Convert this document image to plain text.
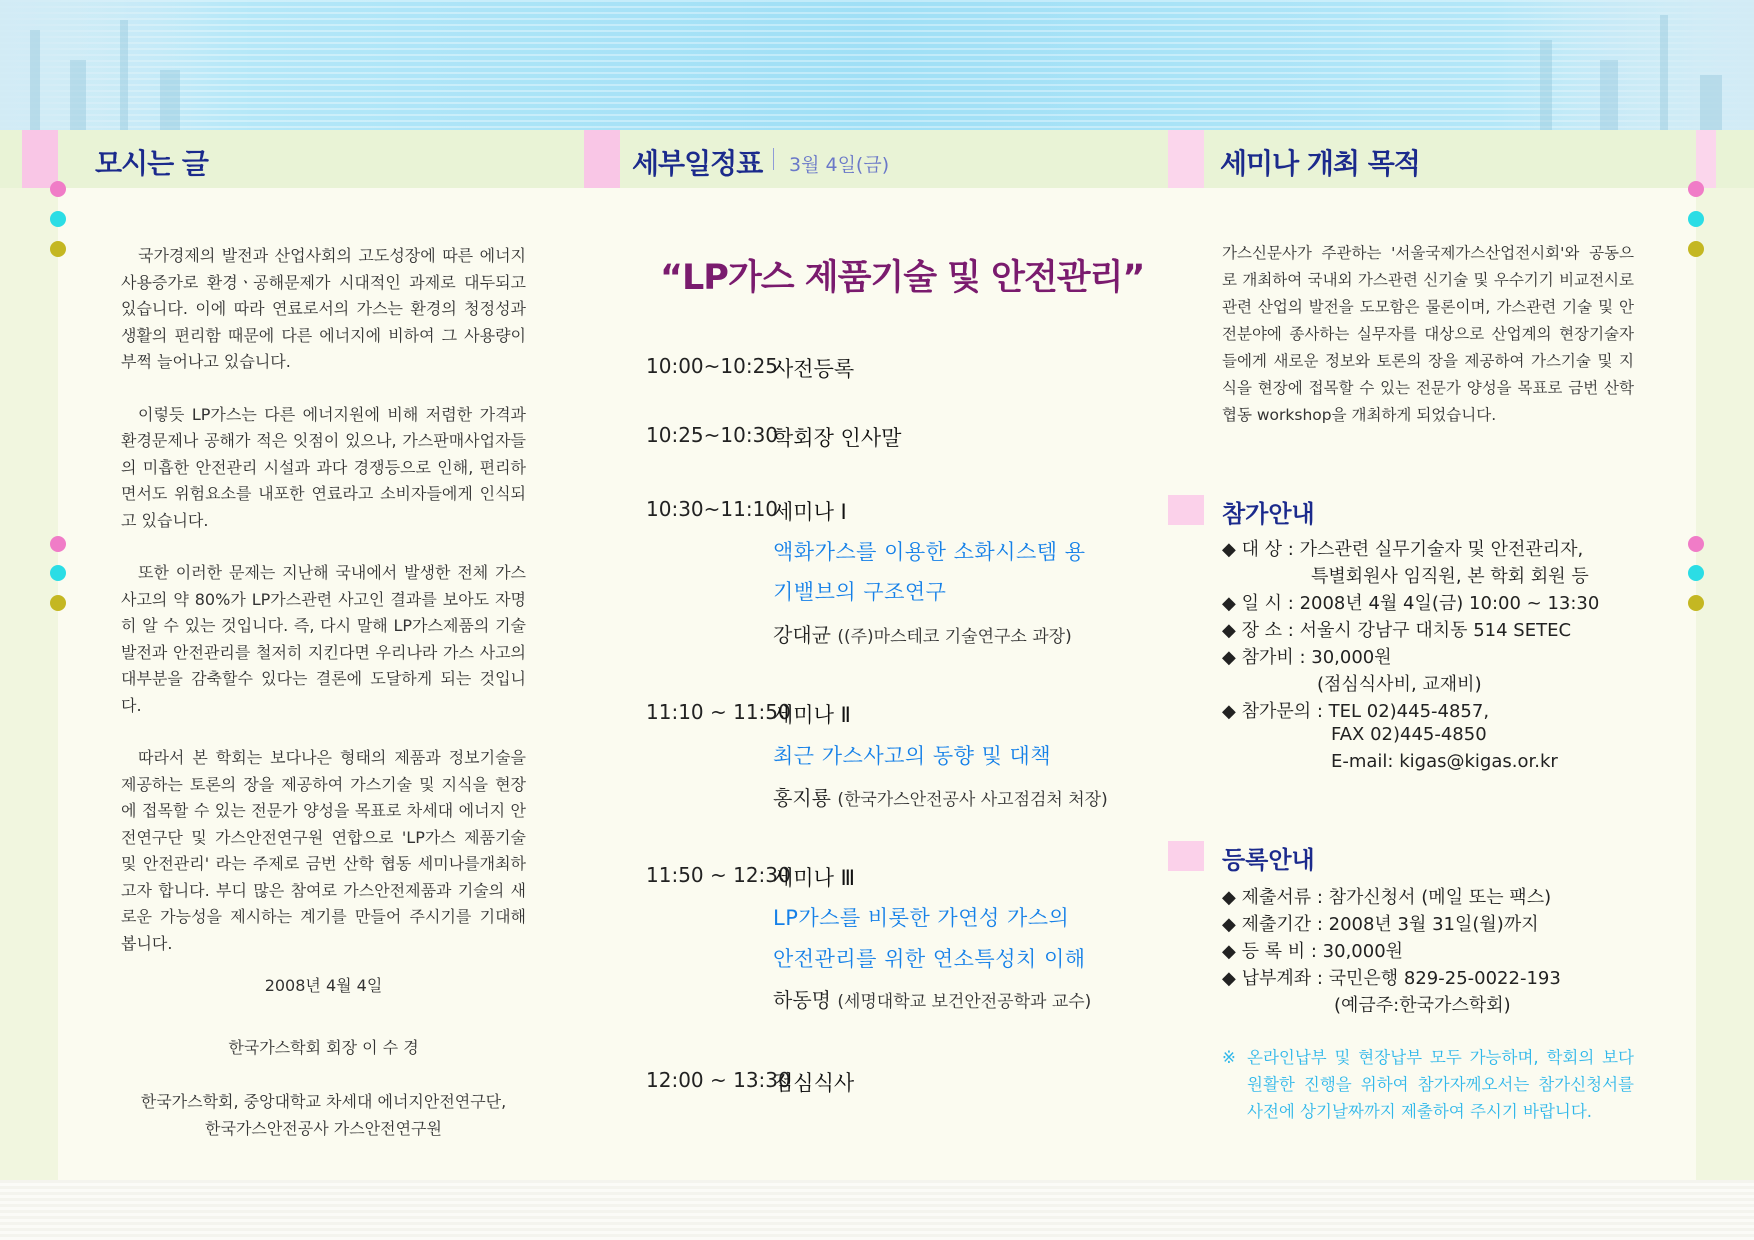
모시는 글	세부일정표 3월 4일(금)	세미나 개최 목적

국가경제의 발전과 산업사회의 고도성장에 따른 에너지 사용증가로 환경ㆍ공해문제가 시대적인 과제로 대두되고 있습니다. 이에 따라 연료로서의 가스는 환경의 청정성과 생활의 편리함 때문에 다른 에너지에 비하여 그 사용량이 부쩍 늘어나고 있습니다.

이렇듯 LP가스는 다른 에너지원에 비해 저렴한 가격과 환경문제나 공해가 적은 잇점이 있으나, 가스판매사업자들의 미흡한 안전관리 시설과 과다 경쟁등으로 인해, 편리하면서도 위험요소를 내포한 연료라고 소비자들에게 인식되고 있습니다.

또한 이러한 문제는 지난해 국내에서 발생한 전체 가스사고의 약 80%가 LP가스관련 사고인 결과를 보아도 자명히 알 수 있는 것입니다. 즉, 다시 말해 LP가스제품의 기술발전과 안전관리를 철저히 지킨다면 우리나라 가스 사고의 대부분을 감축할수 있다는 결론에 도달하게 되는 것입니다.

따라서 본 학회는 보다나은 형태의 제품과 정보기술을 제공하는 토론의 장을 제공하여 가스기술 및 지식을 현장에 접목할 수 있는 전문가 양성을 목표로 차세대 에너지 안전연구단 및 가스안전연구원 연합으로 'LP가스 제품기술 및 안전관리' 라는 주제로 금번 산학 협동 세미나를개최하고자 합니다. 부디 많은 참여로 가스안전제품과 기술의 새로운 가능성을 제시하는 계기를 만들어 주시기를 기대해 봅니다.

2008년 4월 4일
한국가스학회 회장 이 수 경
한국가스학회, 중앙대학교 차세대 에너지안전연구단,
한국가스안전공사 가스안전연구원
“LP가스 제품기술 및 안전관리”
10:00~10:25
사전등록
10:25~10:30
학회장 인사말
10:30~11:10
세미나 Ⅰ
액화가스를 이용한 소화시스템 용
기밸브의 구조연구
강대균 ((주)마스테코 기술연구소 과장)
11:10 ~ 11:50
세미나 Ⅱ
최근 가스사고의 동향 및 대책
홍지룡 (한국가스안전공사 사고점검처 처장)
11:50 ~ 12:30
세미나 Ⅲ
LP가스를 비롯한 가연성 가스의
안전관리를 위한 연소특성치 이해
하동명 (세명대학교 보건안전공학과 교수)
12:00 ~ 13:30
점심식사
가스신문사가 주관하는 '서울국제가스산업전시회'와 공동으로 개최하여 국내외 가스관련 신기술 및 우수기기 비교전시로 관련 산업의 발전을 도모함은 물론이며, 가스관련 기술 및 안전분야에 종사하는 실무자를 대상으로 산업계의 현장기술자들에게 새로운 정보와 토론의 장을 제공하여 가스기술 및 지식을 현장에 접목할 수 있는 전문가 양성을 목표로 금번 산학협동 workshop을 개최하게 되었습니다.
참가안내
◆ 대 상 : 가스관련 실무기술자 및 안전관리자,
특별회원사 임직원, 본 학회 회원 등
◆ 일 시 : 2008년 4월 4일(금) 10:00 ~ 13:30
◆ 장 소 : 서울시 강남구 대치동 514 SETEC
◆ 참가비 : 30,000원
(점심식사비, 교재비)
◆ 참가문의 : TEL 02)445-4857,
FAX 02)445-4850
E-mail: kigas@kigas.or.kr
등록안내
◆ 제출서류 : 참가신청서 (메일 또는 팩스)
◆ 제출기간 : 2008년 3월 31일(월)까지
◆ 등 록 비 : 30,000원
◆ 납부계좌 : 국민은행 829-25-0022-193
(예금주:한국가스학회)
※ 온라인납부 및 현장납부 모두 가능하며, 학회의 보다 원활한 진행을 위하여 참가자께오서는 참가신청서를 사전에 상기날짜까지 제출하여 주시기 바랍니다.
